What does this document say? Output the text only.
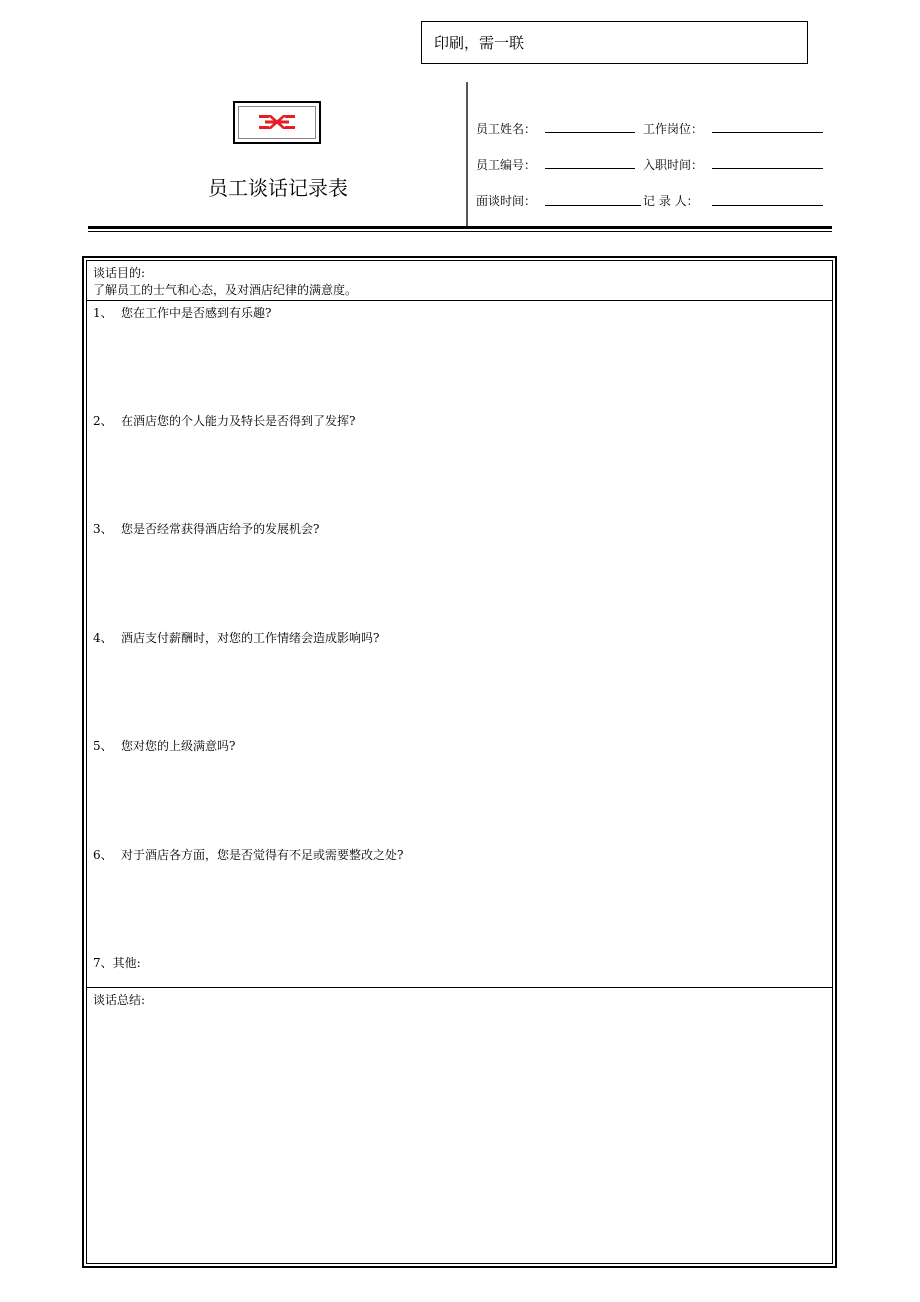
印刷，需一联
员工谈话记录表
员工姓名：	工作岗位：
员工编号：	入职时间：
面谈时间：	记 录 人：
谈话目的:
了解员工的士气和心态，及对酒店纪律的满意度。
1、 您在工作中是否感到有乐趣?
2、 在酒店您的个人能力及特长是否得到了发挥?
3、 您是否经常获得酒店给予的发展机会?
4、 酒店支付薪酬时，对您的工作情绪会造成影响吗?
5、 您对您的上级满意吗?
6、 对于酒店各方面，您是否觉得有不足或需要整改之处?
7、其他:
谈话总结:
